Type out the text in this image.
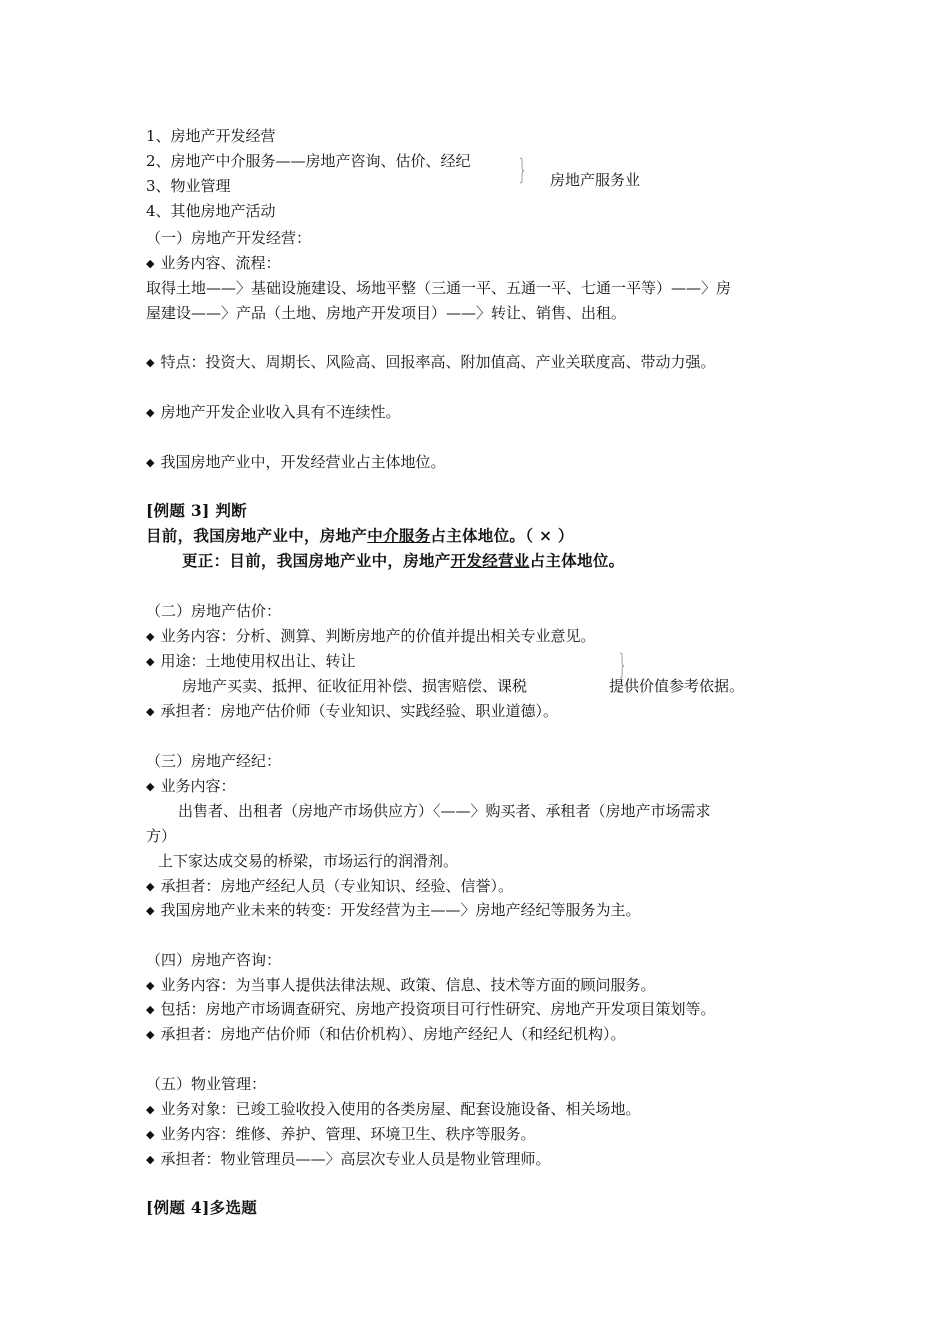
1、房地产开发经营
2、房地产中介服务——房地产咨询、估价、经纪
3、物业管理
4、其他房地产活动
} 房地产服务业
（一）房地产开发经营：
◆ 业务内容、流程：
取得土地——〉基础设施建设、场地平整（三通一平、五通一平、七通一平等）——〉房
屋建设——〉产品（土地、房地产开发项目）——〉转让、销售、出租。
◆ 特点：投资大、周期长、风险高、回报率高、附加值高、产业关联度高、带动力强。
◆ 房地产开发企业收入具有不连续性。
◆ 我国房地产业中，开发经营业占主体地位。
[例题 3] 判断
目前，我国房地产业中，房地产中介服务占主体地位。（ × ）
更正：目前，我国房地产业中，房地产开发经营业占主体地位。
（二）房地产估价：
◆ 业务内容：分析、测算、判断房地产的价值并提出相关专业意见。
◆ 用途：土地使用权出让、转让	}
房地产买卖、抵押、征收征用补偿、损害赔偿、课税	提供价值参考依据。
◆ 承担者：房地产估价师（专业知识、实践经验、职业道德）。
（三）房地产经纪：
◆ 业务内容：
出售者、出租者（房地产市场供应方）〈——〉购买者、承租者（房地产市场需求
方）
上下家达成交易的桥梁，市场运行的润滑剂。
◆ 承担者：房地产经纪人员（专业知识、经验、信誉）。
◆ 我国房地产业未来的转变：开发经营为主——〉房地产经纪等服务为主。
（四）房地产咨询：
◆ 业务内容：为当事人提供法律法规、政策、信息、技术等方面的顾问服务。
◆ 包括：房地产市场调查研究、房地产投资项目可行性研究、房地产开发项目策划等。
◆ 承担者：房地产估价师（和估价机构）、房地产经纪人（和经纪机构）。
（五）物业管理：
◆ 业务对象：已竣工验收投入使用的各类房屋、配套设施设备、相关场地。
◆ 业务内容：维修、养护、管理、环境卫生、秩序等服务。
◆ 承担者：物业管理员——〉高层次专业人员是物业管理师。
[例题 4]多选题
